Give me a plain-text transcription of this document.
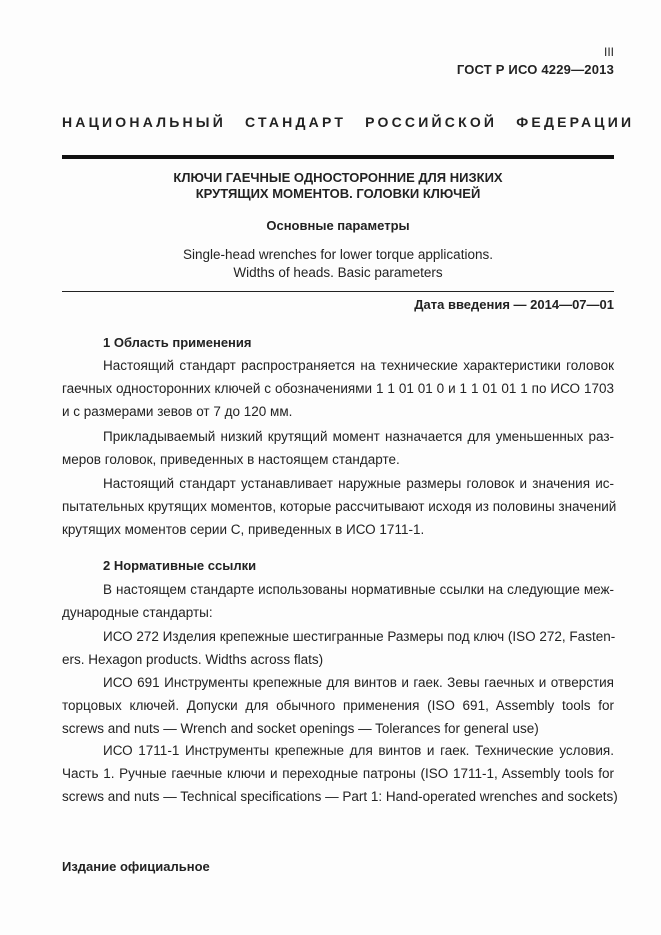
III
ГОСТ Р ИСО 4229—2013
НАЦИОНАЛЬНЫЙ СТАНДАРТ РОССИЙСКОЙ ФЕДЕРАЦИИ
КЛЮЧИ ГАЕЧНЫЕ ОДНОСТОРОННИЕ ДЛЯ НИЗКИХ
КРУТЯЩИХ МОМЕНТОВ. ГОЛОВКИ КЛЮЧЕЙ
Основные параметры
Single-head wrenches for lower torque applications.
Widths of heads. Basic parameters
Дата введения — 2014—07—01
1 Область применения
Настоящий стандарт распространяется на технические характеристики головок
гаечных односторонних ключей с обозначениями 1 1 01 01 0 и 1 1 01 01 1 по ИСО 1703
и с размерами зевов от 7 до 120 мм.
Прикладываемый низкий крутящий момент назначается для уменьшенных раз-
меров головок, приведенных в настоящем стандарте.
Настоящий стандарт устанавливает наружные размеры головок и значения ис-
пытательных крутящих моментов, которые рассчитывают исходя из половины значений
крутящих моментов серии С, приведенных в ИСО 1711-1.
2 Нормативные ссылки
В настоящем стандарте использованы нормативные ссылки на следующие меж-
дународные стандарты:
ИСО 272 Изделия крепежные шестигранные Размеры под ключ (ISO 272, Fasten-
ers. Hexagon products. Widths across flats)
ИСО 691 Инструменты крепежные для винтов и гаек. Зевы гаечных и отверстия
торцовых ключей. Допуски для обычного применения (ISO 691, Assembly tools for
screws and nuts — Wrench and socket openings — Tolerances for general use)
ИСО 1711-1 Инструменты крепежные для винтов и гаек. Технические условия.
Часть 1. Ручные гаечные ключи и переходные патроны (ISO 1711-1, Assembly tools for
screws and nuts — Technical specifications — Part 1: Hand-operated wrenches and sockets)
Издание официальное
